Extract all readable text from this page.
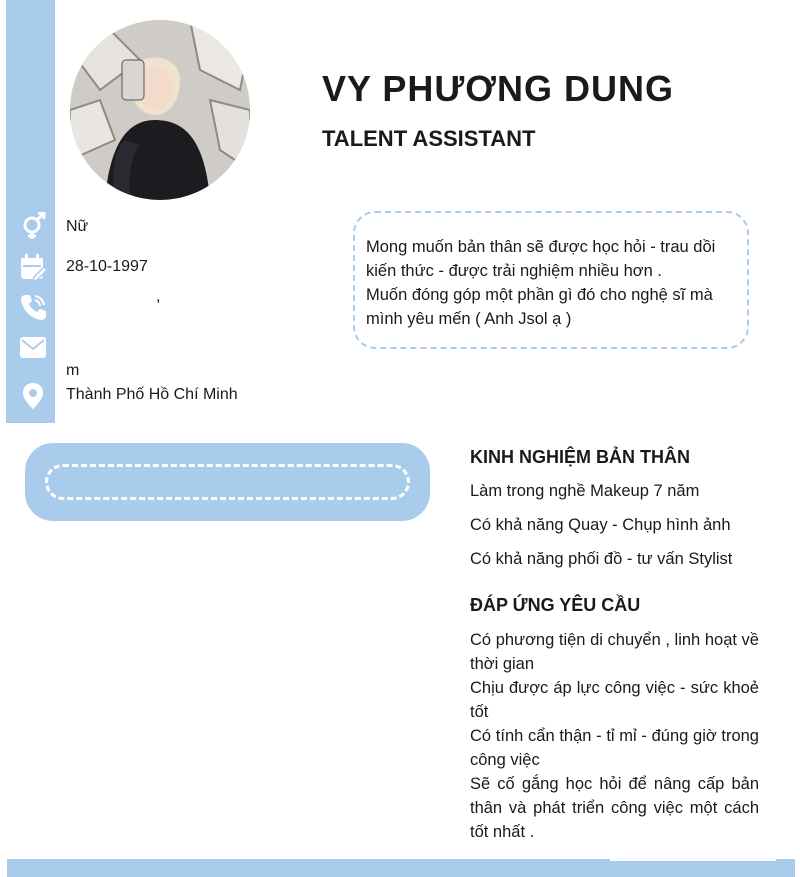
VY PHƯƠNG DUNG
TALENT ASSISTANT
Nữ
28-10-1997
,
m
Thành Phố Hồ Chí Minh

Mong muốn bản thân sẽ được học hỏi - trau dồi kiến thức - được trải nghiệm nhiều hơn .

Muốn đóng góp một phần gì đó cho nghệ sĩ mà mình yêu mến ( Anh Jsol ạ )

KINH NGHIỆM BẢN THÂN

Làm trong nghề Makeup 7 năm

Có khả năng Quay - Chụp hình ảnh

Có khả năng phối đồ - tư vấn Stylist

ĐÁP ỨNG YÊU CẦU

Có phương tiện di chuyển , linh hoạt về thời gian

Chịu được áp lực công việc - sức khoẻ tốt

Có tính cẩn thận - tỉ mỉ - đúng giờ trong công việc

Sẽ cố gắng học hỏi để nâng cấp bản thân và phát triển công việc một cách tốt nhất .
